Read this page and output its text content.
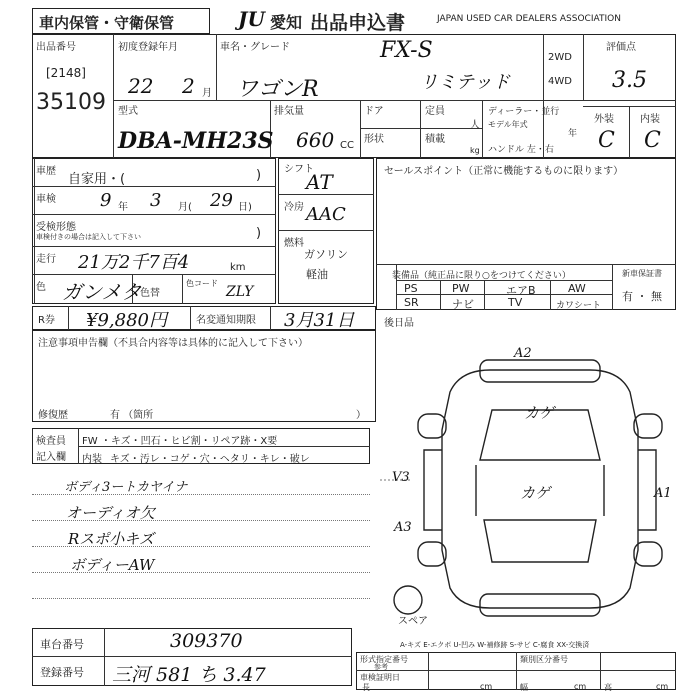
車内保管・守衛保管	JU 愛知 出品申込書	JAPAN USED CAR DEALERS ASSOCIATION
出品番号
[2148]
35109
初度登録年月
22 2 月
車名・グレード
ワゴンR
FX-S
リミテッド
2WD
4WD
評価点
3.5
外装	内装
C C
型式
DBA-MH23S
排気量
660 CC
ドア	定員
人
形状	積載
kg
ディーラー・並行
モデル年式
年
ハンドル 左・右
車歴
自家用・(	)
車検 9 年 3 月( 29 日)
受検形態
車検付きの場合は記入して下さい	)
走行 21万2千7百4	km
色 ガンメタ
色替
色コード
ZLY
シフト
AT
冷房 AAC
燃料
ガソリン
軽油
セールスポイント（正常に機能するものに限ります）
装備品（純正品に限り○をつけてください）
PS	PW	エアB	AW
SR	ナビ	TV	カワシート
新車保証書
有 ・ 無
R券 ¥9,880円	名変通知期限 3月31日	後日品
注意事項申告欄（不具合内容等は具体的に記入して下さい）
修復歴	有 （箇所	）
検査員
記入欄
FW ・キズ・凹石・ヒビ割・リペア跡・X要
内装 キズ・汚レ・コゲ・穴・ヘタリ・キレ・破レ
ボディ3ートカヤイナ
オーディオ欠
Rスポ小キズ
ボディーAW
A2
カゲ
カゲ
V3
A3
A1
スペア
A-キズ E-エクボ U-凹み W-補修跡 S-サビ C-腐食 XX-交換済
車台番号	309370
登録番号 三河 581 ち 3.47
形式指定番号	類別区分番号
参考
車検証明日
長	cm	幅	cm 高	cm
